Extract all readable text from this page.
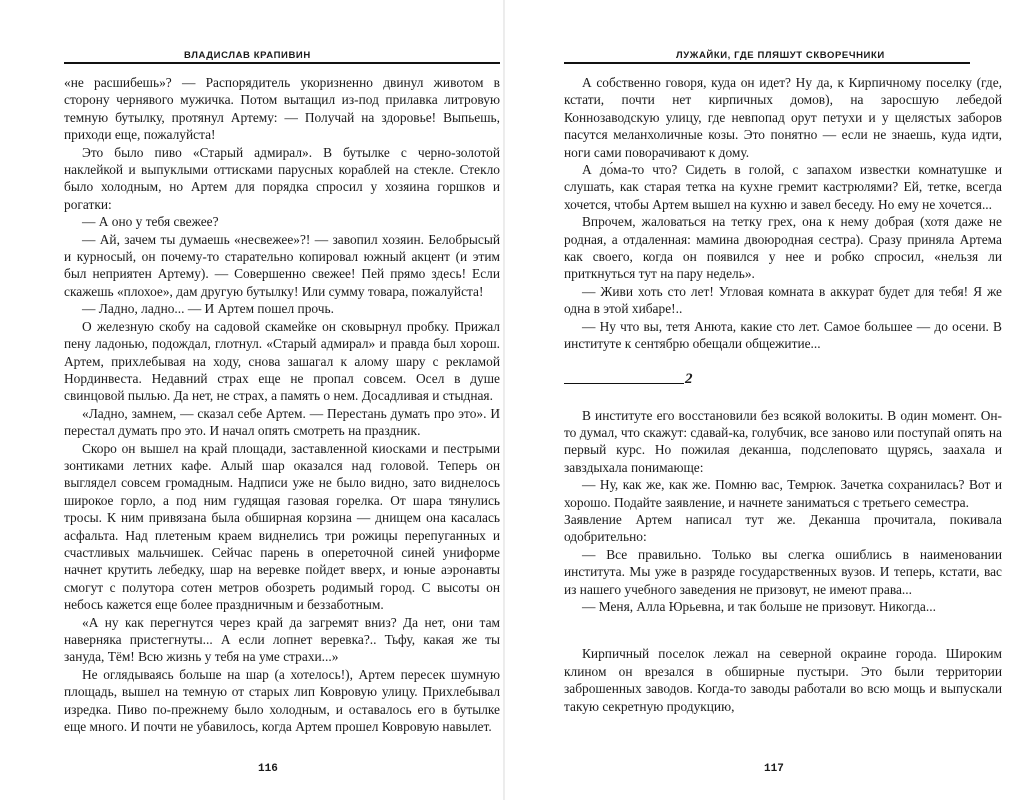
ВЛАДИСЛАВ КРАПИВИН

«не расшибешь»? — Распорядитель укоризненно двинул животом в сторону чернявого мужичка. Потом вытащил из-под прилавка литровую темную бутылку, протянул Артему: — Получай на здоровье! Выпьешь, приходи еще, пожалуйста!

Это было пиво «Старый адмирал». В бутылке с черно-золотой наклейкой и выпуклыми оттисками парусных кораблей на стекле. Стекло было холодным, но Артем для порядка спросил у хозяина горшков и рогатки:

— А оно у тебя свежее?

— Ай, зачем ты думаешь «несвежее»?! — завопил хозяин. Белобрысый и курносый, он почему-то старательно копировал южный акцент (и этим был неприятен Артему). — Совершенно свежее! Пей прямо здесь! Если скажешь «плохое», дам другую бутылку! Или сумму товара, пожалуйста!

— Ладно, ладно... — И Артем пошел прочь.

О железную скобу на садовой скамейке он сковырнул пробку. Прижал пену ладонью, подождал, глотнул. «Старый адмирал» и правда был хорош. Артем, прихлебывая на ходу, снова зашагал к алому шару с рекламой Нординвеста. Недавний страх еще не пропал совсем. Осел в душе свинцовой пылью. Да нет, не страх, а память о нем. Досадливая и стыдная.

«Ладно, замнем, — сказал себе Артем. — Перестань думать про это». И перестал думать про это. И начал опять смотреть на праздник.

Скоро он вышел на край площади, заставленной киосками и пестрыми зонтиками летних кафе. Алый шар оказался над головой. Теперь он выглядел совсем громадным. Надписи уже не было видно, зато виднелось широкое горло, а под ним гудящая газовая горелка. От шара тянулись тросы. К ним привязана была обширная корзина — днищем она касалась асфальта. Над плетеным краем виднелись три рожицы перепуганных и счастливых мальчишек. Сейчас парень в опереточной синей униформе начнет крутить лебедку, шар на веревке пойдет вверх, и юные аэронавты смогут с полутора сотен метров обозреть родимый город. С высоты он небось кажется еще более праздничным и беззаботным.

«А ну как перегнутся через край да загремят вниз? Да нет, они там наверняка пристегнуты... А если лопнет веревка?.. Тьфу, какая же ты зануда, Тём! Всю жизнь у тебя на уме страхи...»

Не оглядываясь больше на шар (а хотелось!), Артем пересек шумную площадь, вышел на темную от старых лип Ковровую улицу. Прихлебывал изредка. Пиво по-прежнему было холодным, и оставалось его в бутылке еще много. И почти не убавилось, когда Артем прошел Ковровую навылет.

116
ЛУЖАЙКИ, ГДЕ ПЛЯШУТ СКВОРЕЧНИКИ

А собственно говоря, куда он идет? Ну да, к Кирпичному поселку (где, кстати, почти нет кирпичных домов), на заросшую лебедой Коннозаводскую улицу, где невпопад орут петухи и у щелястых заборов пасутся меланхоличные козы. Это понятно — если не знаешь, куда идти, ноги сами поворачивают к дому.

А до́ма-то что? Сидеть в голой, с запахом известки комнатушке и слушать, как старая тетка на кухне гремит кастрюлями? Ей, тетке, всегда хочется, чтобы Артем вышел на кухню и завел беседу. Но ему не хочется...

Впрочем, жаловаться на тетку грех, она к нему добрая (хотя даже не родная, а отдаленная: мамина двоюродная сестра). Сразу приняла Артема как своего, когда он появился у нее и робко спросил, «нельзя ли приткнуться тут на пару недель».

— Живи хоть сто лет! Угловая комната в аккурат будет для тебя! Я же одна в этой хибаре!..

— Ну что вы, тетя Анюта, какие сто лет. Самое большее — до осени. В институте к сентябрю обещали общежитие...

2

В институте его восстановили без всякой волокиты. В один момент. Он-то думал, что скажут: сдавай-ка, голубчик, все заново или поступай опять на первый курс. Но пожилая деканша, подслеповато щурясь, заахала и завздыхала понимающе:

— Ну, как же, как же. Помню вас, Темрюк. Зачетка сохранилась? Вот и хорошо. Подайте заявление, и начнете заниматься с третьего семестра.

Заявление Артем написал тут же. Деканша прочитала, покивала одобрительно:

— Все правильно. Только вы слегка ошиблись в наименовании института. Мы уже в разряде государственных вузов. И теперь, кстати, вас из нашего учебного заведения не призовут, не имеют права...

— Меня, Алла Юрьевна, и так больше не призовут. Никогда...

Кирпичный поселок лежал на северной окраине города. Широким клином он врезался в обширные пустыри. Это были территории заброшенных заводов. Когда-то заводы работали во всю мощь и выпускали такую секретную продукцию,

117
